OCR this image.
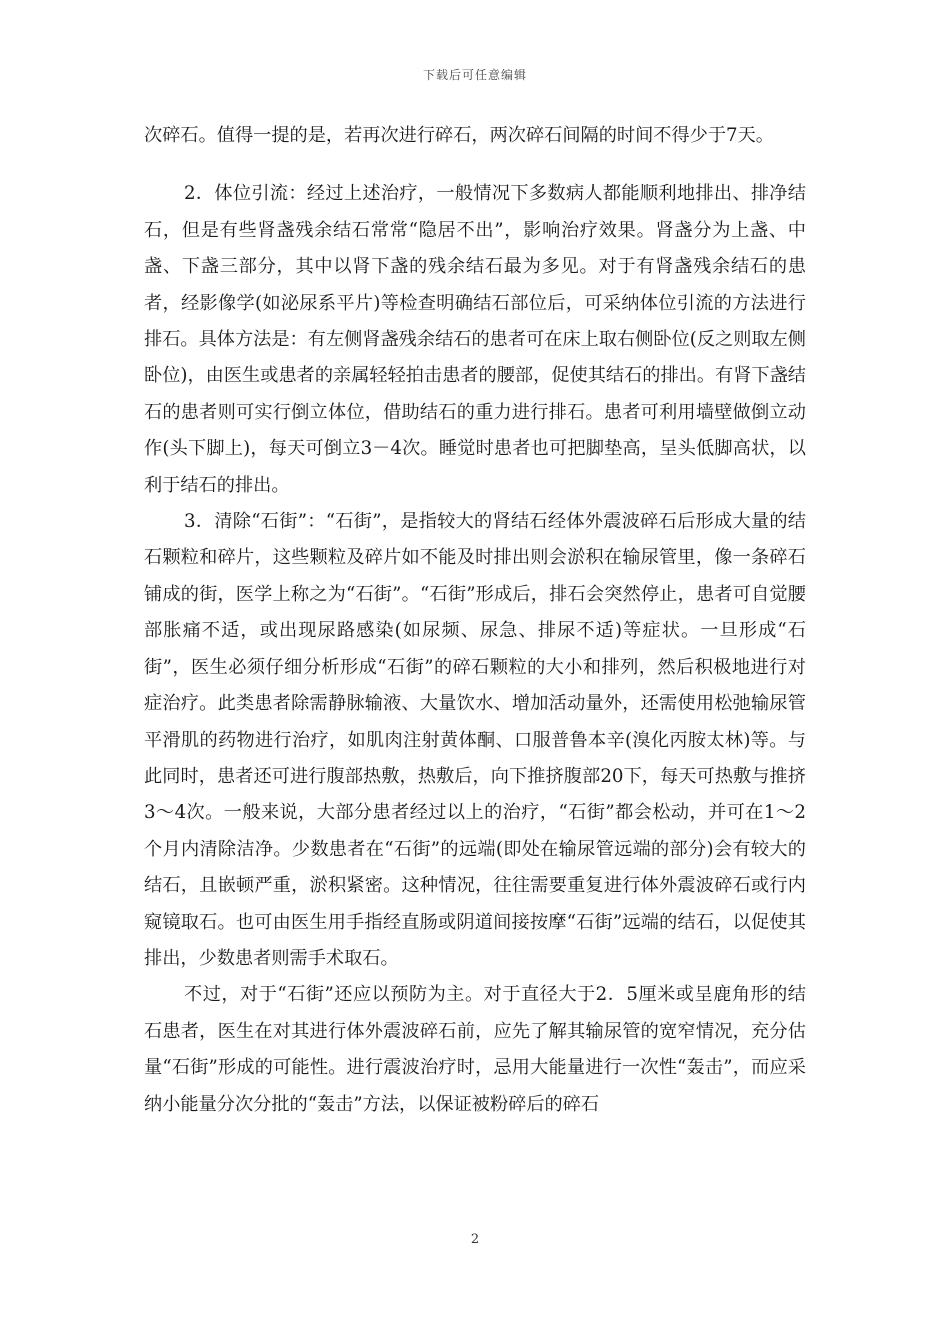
下载后可任意编辑

次碎石。值得一提的是，若再次进行碎石，两次碎石间隔的时间不得少于7天。

2．体位引流：经过上述治疗，一般情况下多数病人都能顺利地排出、排净结石，但是有些肾盏残余结石常常“隐居不出”，影响治疗效果。肾盏分为上盏、中盏、下盏三部分，其中以肾下盏的残余结石最为多见。对于有肾盏残余结石的患者，经影像学(如泌尿系平片)等检查明确结石部位后，可采纳体位引流的方法进行排石。具体方法是：有左侧肾盏残余结石的患者可在床上取右侧卧位(反之则取左侧卧位)，由医生或患者的亲属轻轻拍击患者的腰部，促使其结石的排出。有肾下盏结石的患者则可实行倒立体位，借助结石的重力进行排石。患者可利用墙壁做倒立动作(头下脚上)，每天可倒立3－4次。睡觉时患者也可把脚垫高，呈头低脚高状，以利于结石的排出。

3．清除“石街”：“石街”，是指较大的肾结石经体外震波碎石后形成大量的结石颗粒和碎片，这些颗粒及碎片如不能及时排出则会淤积在输尿管里，像一条碎石铺成的街，医学上称之为“石街”。“石街”形成后，排石会突然停止，患者可自觉腰部胀痛不适，或出现尿路感染(如尿频、尿急、排尿不适)等症状。一旦形成“石街”，医生必须仔细分析形成“石街”的碎石颗粒的大小和排列，然后积极地进行对症治疗。此类患者除需静脉输液、大量饮水、增加活动量外，还需使用松弛输尿管平滑肌的药物进行治疗，如肌肉注射黄体酮、口服普鲁本辛(溴化丙胺太林)等。与此同时，患者还可进行腹部热敷，热敷后，向下推挤腹部20下，每天可热敷与推挤3～4次。一般来说，大部分患者经过以上的治疗，“石街”都会松动，并可在1～2个月内清除洁净。少数患者在“石街”的远端(即处在输尿管远端的部分)会有较大的结石，且嵌顿严重，淤积紧密。这种情况，往往需要重复进行体外震波碎石或行内窥镜取石。也可由医生用手指经直肠或阴道间接按摩“石街”远端的结石，以促使其排出，少数患者则需手术取石。

不过，对于“石街”还应以预防为主。对于直径大于2．5厘米或呈鹿角形的结石患者，医生在对其进行体外震波碎石前，应先了解其输尿管的宽窄情况，充分估量“石街”形成的可能性。进行震波治疗时，忌用大能量进行一次性“轰击”，而应采纳小能量分次分批的“轰击”方法，以保证被粉碎后的碎石

2
